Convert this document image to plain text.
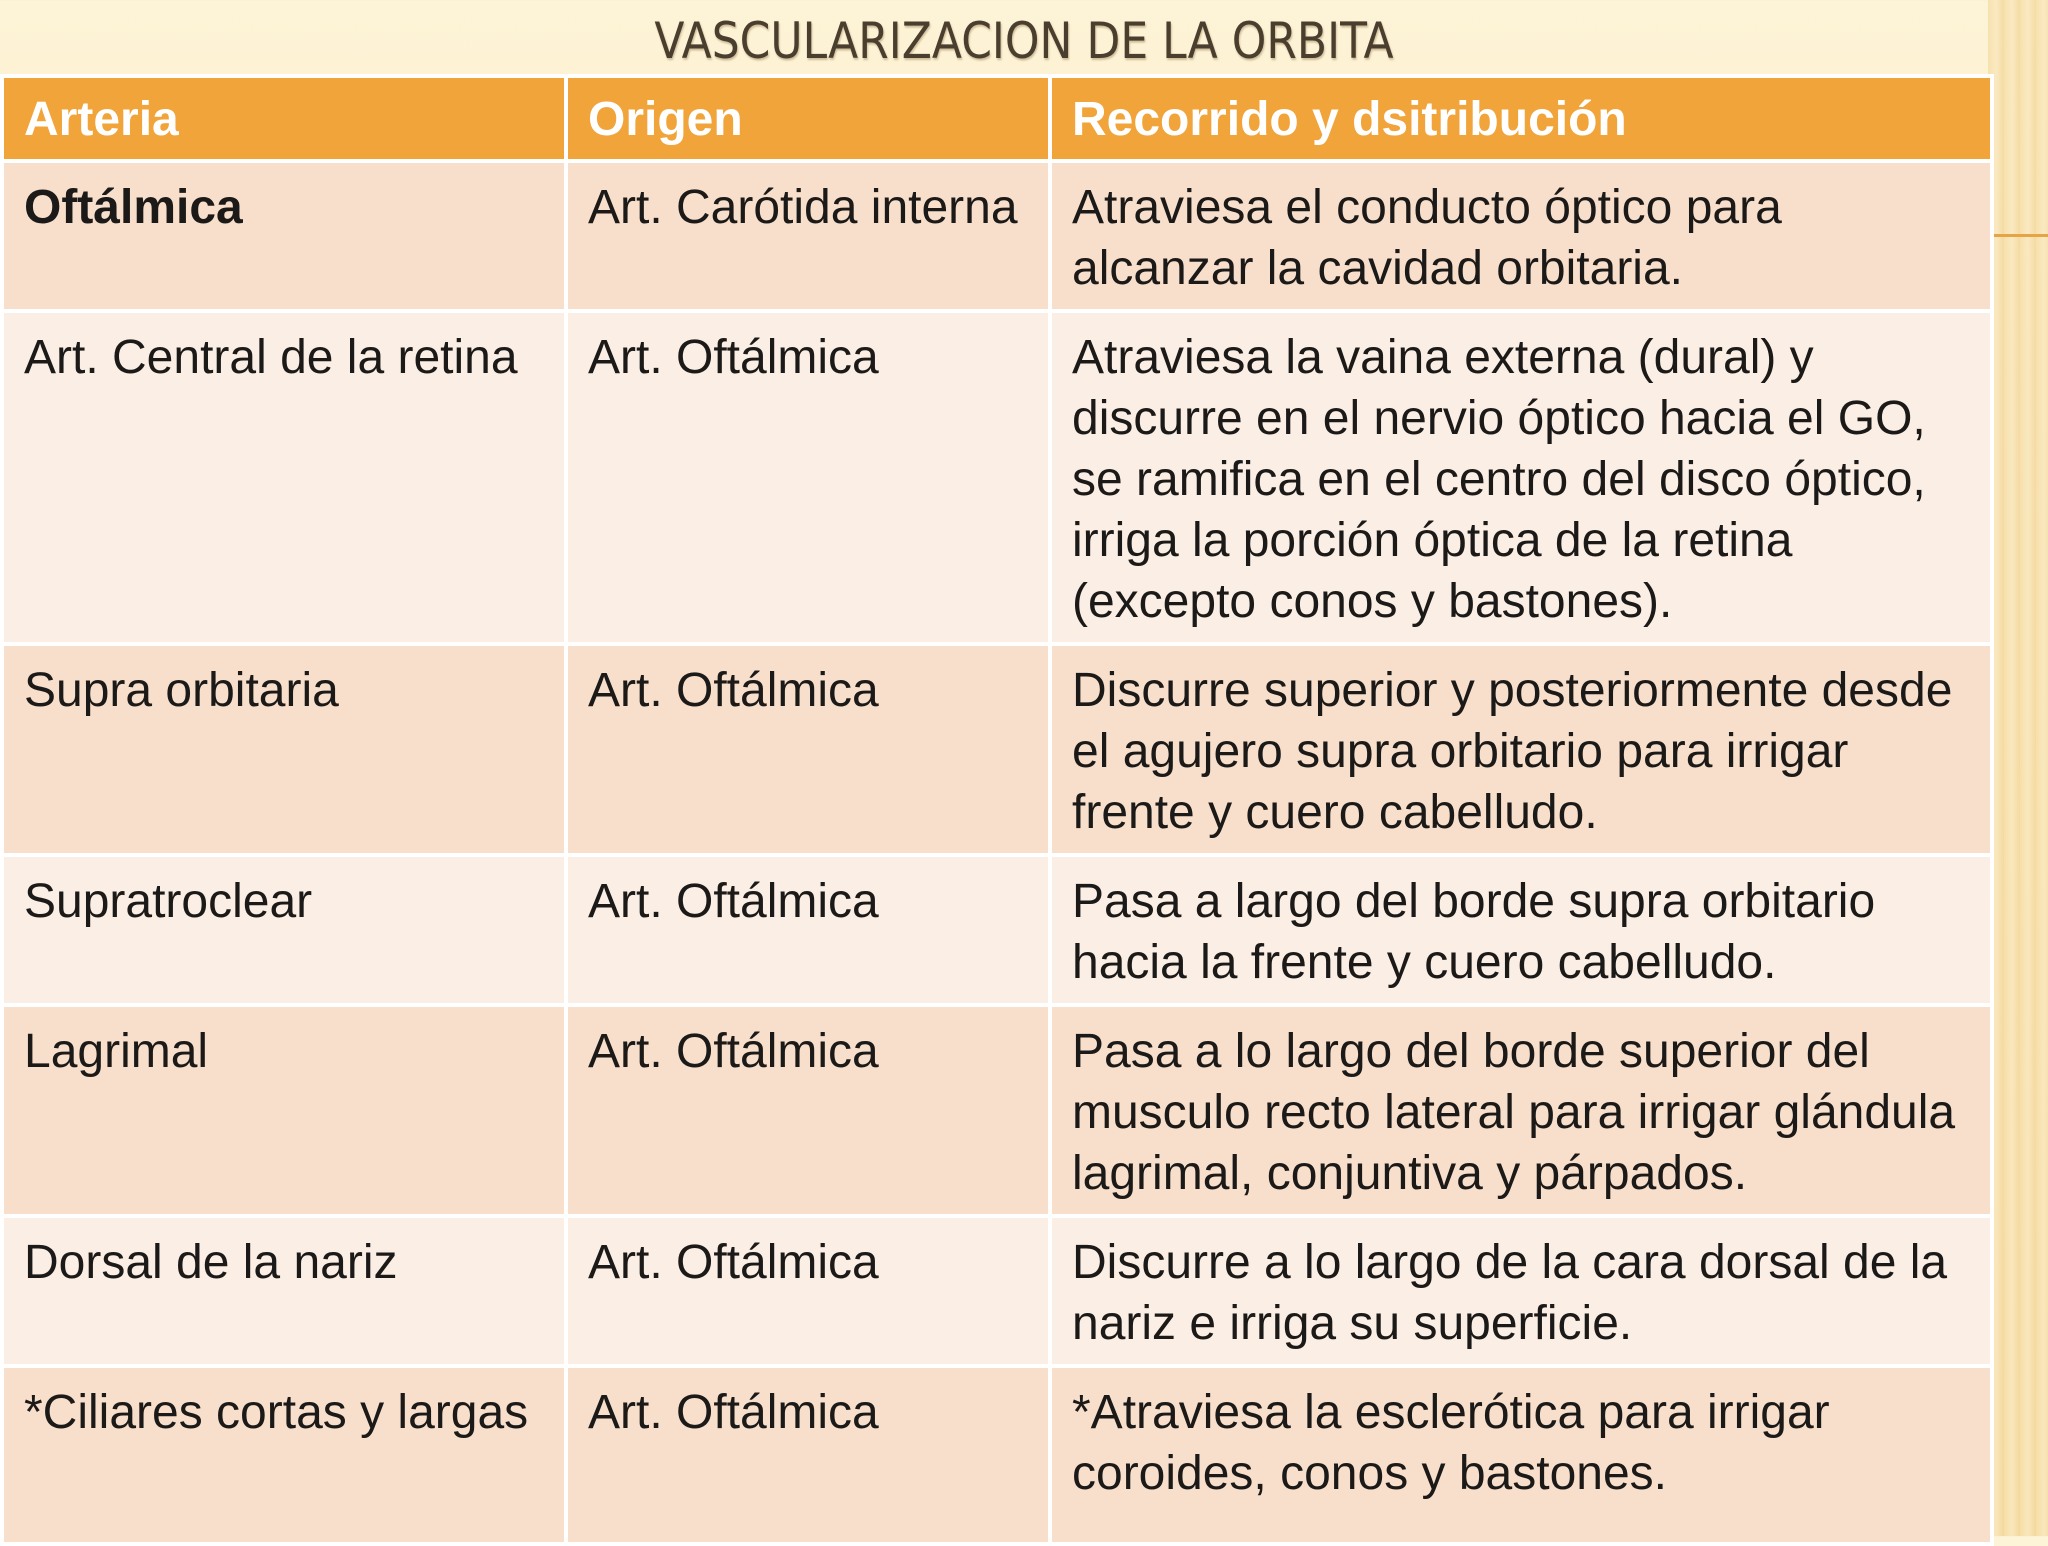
VASCULARIZACION DE LA ORBITA
Arteria	Origen	Recorrido y dsitribución
Oftálmica	Art. Carótida interna	Atraviesa el conducto óptico para alcanzar la cavidad orbitaria.
Art. Central de la retina	Art. Oftálmica	Atraviesa la vaina externa (dural) y discurre en el nervio óptico hacia el GO, se ramifica en el centro del disco óptico, irriga la porción óptica de la retina (excepto conos y bastones).
Supra orbitaria	Art. Oftálmica	Discurre superior y posteriormente desde el agujero supra orbitario para irrigar frente y cuero cabelludo.
Supratroclear	Art. Oftálmica	Pasa a largo del borde supra orbitario hacia la frente y cuero cabelludo.
Lagrimal	Art. Oftálmica	Pasa a lo largo del borde superior del musculo recto lateral para irrigar glándula lagrimal, conjuntiva y párpados.
Dorsal de la nariz	Art. Oftálmica	Discurre a lo largo de la cara dorsal de la nariz e irriga su superficie.
*Ciliares cortas y largas	Art. Oftálmica	*Atraviesa la esclerótica para irrigar coroides, conos y bastones.
